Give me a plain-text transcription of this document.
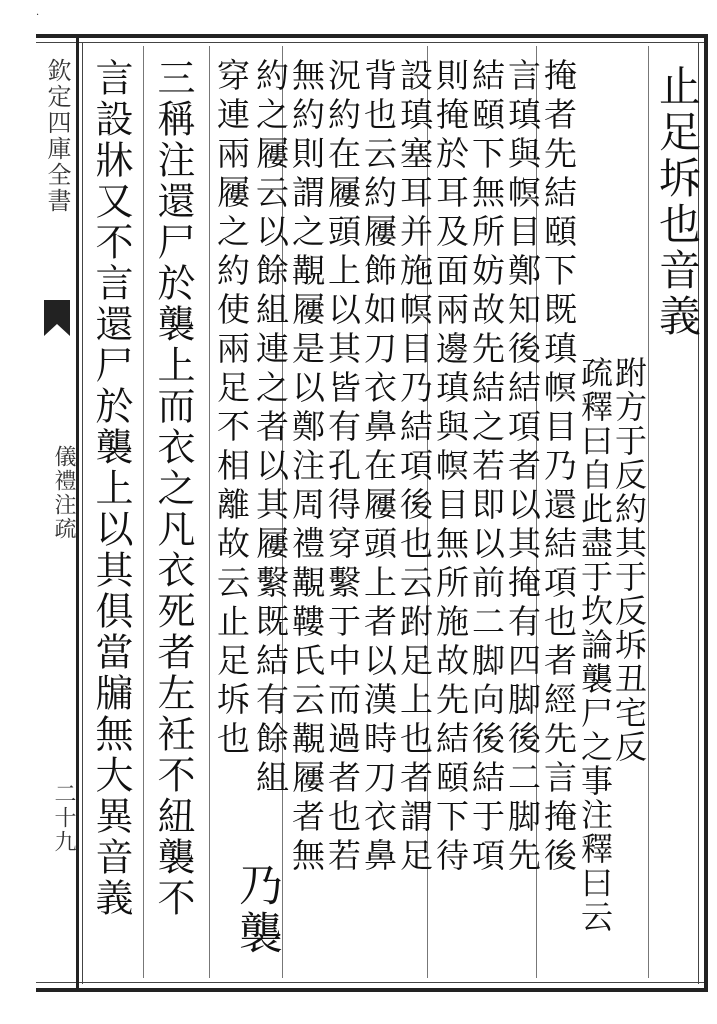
·
欽定四庫全書
儀禮注疏
二十九
止足坼也音義
跗方于反約其于反坼丑宅反
疏釋曰自此盡于坎論襲尸之事注釋曰云
掩者先結頤下既瑱幎目乃還結項也者經先言掩後
言瑱與幎目鄭知後結項者以其掩有四脚後二脚先
結頤下無所妨故先結之若即以前二脚向後結于項
則掩於耳及面兩邊瑱與幎目無所施故先結頤下待
設瑱塞耳并施幎目乃結項後也云跗足上也者謂足
背也云約屨飾如刀衣鼻在屨頭上者以漢時刀衣鼻
況約在屨頭上以其皆有孔得穿繫于中而過者也若
無約則謂之覯屨是以鄭注周禮覯鞻氏云覯屨者無
約之屨云以餘組連之者以其屨繫既結有餘組
乃襲
穿連兩屨之約使兩足不相離故云止足坼也
三稱注還尸於襲上而衣之凡衣死者左衽不紐襲不
言設牀又不言還尸於襲上以其俱當牖無大異音義
